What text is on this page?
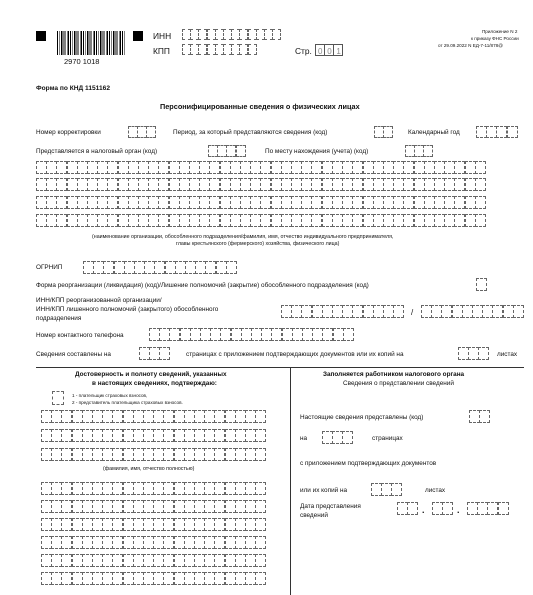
2970 1018
ИНН
КПП	Стр. 0 0 1
Приложение N 2
к приказу ФНС России
от 29.09.2022 N ЕД-7-11/878@
Форма по КНД 1151162
Персонифицированные сведения о физических лицах
Номер корректировки	Период, за который представляются сведения (код)	Календарный год
Представляется в налоговый орган (код)	По месту нахождения (учета) (код)
(наименование организации, обособленного подразделения/фамилия, имя, отчество индивидуального предпринимателя,
главы крестьянского (фермерского) хозяйства, физического лица)
ОГРНИП
Форма реорганизации (ликвидация) (код)/Лишение полномочий (закрытие) обособленного подразделения (код)
ИНН/КПП реорганизованной организации/
ИНН/КПП лишенного полномочий (закрытого) обособленного
подразделения
/
Номер контактного телефона
Сведения составлены на	страницах с приложением подтверждающих документов или их копий на	листах
Достоверность и полноту сведений, указанных
в настоящих сведениях, подтверждаю:
1 - плательщик страховых взносов,
2 - представитель плательщика страховых взносов.
(фамилия, имя, отчество полностью)
Заполняется работником налогового органа
Сведения о представлении сведений
Настоящие сведения представлены (код)
на	страницах
с приложением подтверждающих документов
или их копий на	листах
Дата представления
сведений
.	.
